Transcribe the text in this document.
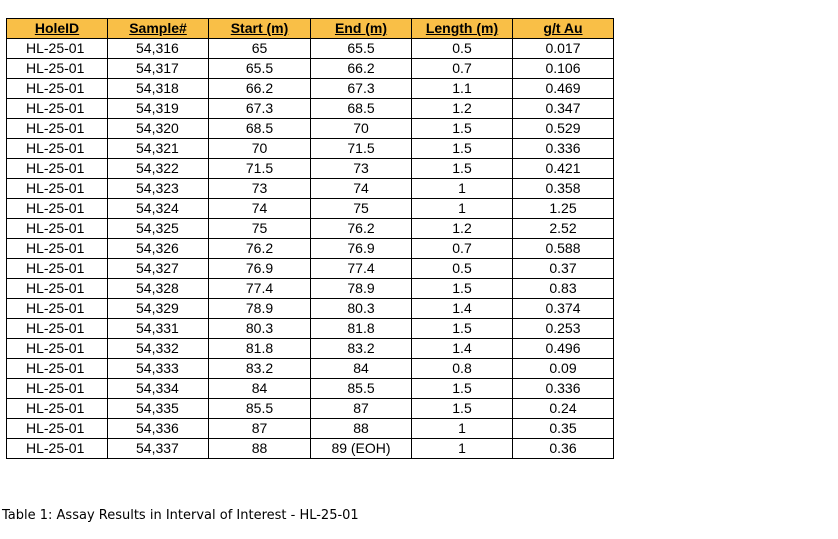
HoleID	Sample#	Start (m)	End (m)	Length (m)	g/t Au
HL-25-01	54,316	65	65.5	0.5	0.017
HL-25-01	54,317	65.5	66.2	0.7	0.106
HL-25-01	54,318	66.2	67.3	1.1	0.469
HL-25-01	54,319	67.3	68.5	1.2	0.347
HL-25-01	54,320	68.5	70	1.5	0.529
HL-25-01	54,321	70	71.5	1.5	0.336
HL-25-01	54,322	71.5	73	1.5	0.421
HL-25-01	54,323	73	74	1	0.358
HL-25-01	54,324	74	75	1	1.25
HL-25-01	54,325	75	76.2	1.2	2.52
HL-25-01	54,326	76.2	76.9	0.7	0.588
HL-25-01	54,327	76.9	77.4	0.5	0.37
HL-25-01	54,328	77.4	78.9	1.5	0.83
HL-25-01	54,329	78.9	80.3	1.4	0.374
HL-25-01	54,331	80.3	81.8	1.5	0.253
HL-25-01	54,332	81.8	83.2	1.4	0.496
HL-25-01	54,333	83.2	84	0.8	0.09
HL-25-01	54,334	84	85.5	1.5	0.336
HL-25-01	54,335	85.5	87	1.5	0.24
HL-25-01	54,336	87	88	1	0.35
HL-25-01	54,337	88	89 (EOH)	1	0.36
Table 1: Assay Results in Interval of Interest - HL-25-01
